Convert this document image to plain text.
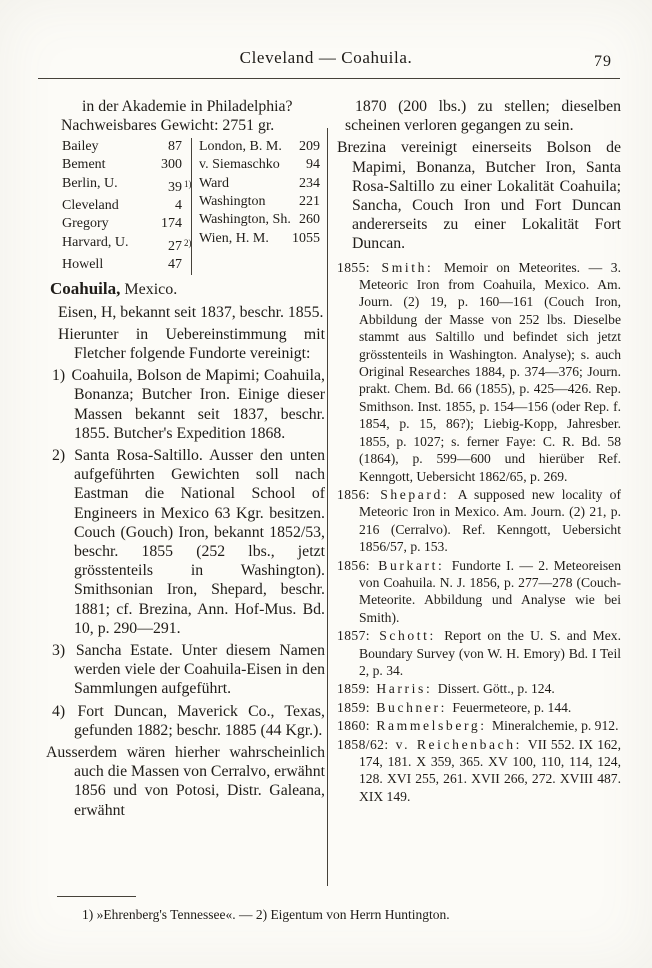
Cleveland — Coahuila.	79

in der Akademie in Philadelphia?

Nachweisbares Gewicht: 2751 gr.

Bailey	87
Bement	300
Berlin, U.	39 $^{1)}$
Cleveland	4
Gregory	174
Harvard, U.	27 $^{2)}$
Howell	47
London, B. M. 209
v. Siemaschko 94
Ward	234
Washington 221
Washington, Sh. 260
Wien, H. M. 1055
Coahuila, Mexico.

Eisen, H, bekannt seit 1837, beschr. 1855.

Hierunter in Uebereinstimmung mit Fletcher folgende Fundorte vereinigt:

1) Coahuila, Bolson de Mapimi; Coahuila, Bonanza; Butcher Iron. Einige dieser Massen bekannt seit 1837, beschr. 1855. Butcher's Expedition 1868.

2) Santa Rosa-Saltillo. Ausser den unten aufgeführten Gewichten soll nach Eastman die National School of Engineers in Mexico 63 Kgr. besitzen. Couch (Gouch) Iron, bekannt 1852/53, beschr. 1855 (252 lbs., jetzt grösstenteils in Washington). Smithsonian Iron, Shepard, beschr. 1881; cf. Brezina, Ann. Hof-Mus. Bd. 10, p. 290—291.

3) Sancha Estate. Unter diesem Namen werden viele der Coahuila-Eisen in den Sammlungen aufgeführt.

4) Fort Duncan, Maverick Co., Texas, gefunden 1882; beschr. 1885 (44 Kgr.).

Ausserdem wären hierher wahrscheinlich auch die Massen von Cerralvo, erwähnt 1856 und von Potosi, Distr. Galeana, erwähnt

1870 (200 lbs.) zu stellen; dieselben scheinen verloren gegangen zu sein.

Brezina vereinigt einerseits Bolson de Mapimi, Bonanza, Butcher Iron, Santa Rosa-Saltillo zu einer Lokalität Coahuila; Sancha, Couch Iron und Fort Duncan andererseits zu einer Lokalität Fort Duncan.

1855: Smith: Memoir on Meteorites. — 3. Meteoric Iron from Coahuila, Mexico. Am. Journ. (2) 19, p. 160—161 (Couch Iron, Abbildung der Masse von 252 lbs. Dieselbe stammt aus Saltillo und befindet sich jetzt grösstenteils in Washington. Analyse); s. auch Original Researches 1884, p. 374—376; Journ. prakt. Chem. Bd. 66 (1855), p. 425—426. Rep. Smithson. Inst. 1855, p. 154—156 (oder Rep. f. 1854, p. 15, 86?); Liebig-Kopp, Jahresber. 1855, p. 1027; s. ferner Faye: C. R. Bd. 58 (1864), p. 599—600 und hierüber Ref. Kenngott, Uebersicht 1862/65, p. 269.

1856: Shepard: A supposed new locality of Meteoric Iron in Mexico. Am. Journ. (2) 21, p. 216 (Cerralvo). Ref. Kenngott, Uebersicht 1856/57, p. 153.

1856: Burkart: Fundorte I. — 2. Meteoreisen von Coahuila. N. J. 1856, p. 277—278 (Couch-Meteorite. Abbildung und Analyse wie bei Smith).

1857: Schott: Report on the U. S. and Mex. Boundary Survey (von W. H. Emory) Bd. I Teil 2, p. 34.

1859: Harris: Dissert. Gött., p. 124.

1859: Buchner: Feuermeteore, p. 144.

1860: Rammelsberg: Mineralchemie, p. 912.

1858/62: v. Reichenbach: VII 552. IX 162, 174, 181. X 359, 365. XV 100, 110, 114, 124, 128. XVI 255, 261. XVII 266, 272. XVIII 487. XIX 149.

1) »Ehrenberg's Tennessee«. — 2) Eigentum von Herrn Huntington.
